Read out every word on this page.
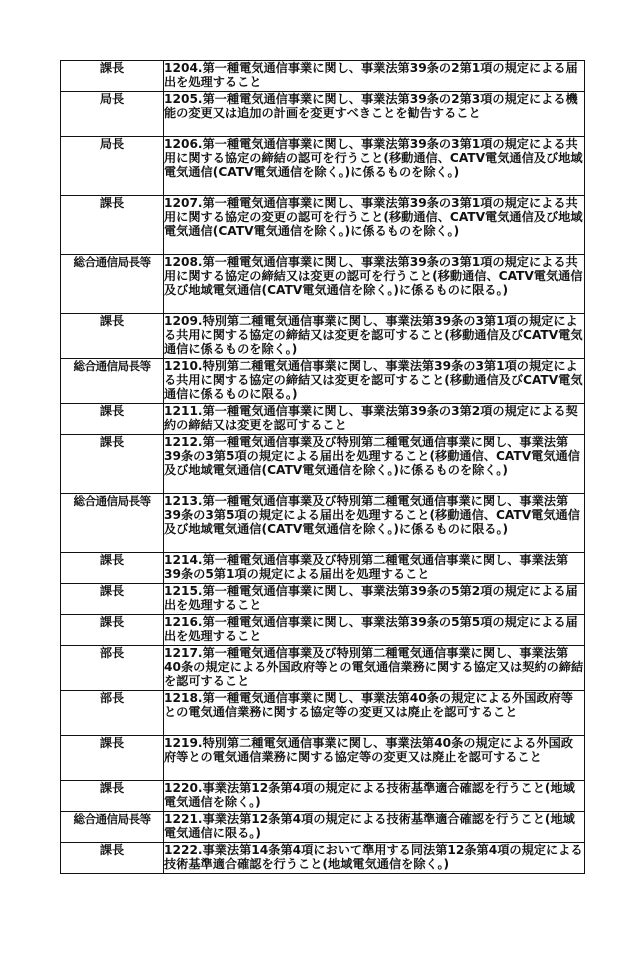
課長	1204.第一種電気通信事業に関し、事業法第39条の2第1項の規定による届出を処理すること
局長	1205.第一種電気通信事業に関し、事業法第39条の2第3項の規定による機能の変更又は追加の計画を変更すべきことを勧告すること
局長	1206.第一種電気通信事業に関し、事業法第39条の3第1項の規定による共用に関する協定の締結の認可を行うこと(移動通信、CATV電気通信及び地域電気通信(CATV電気通信を除く。)に係るものを除く。)
課長	1207.第一種電気通信事業に関し、事業法第39条の3第1項の規定による共用に関する協定の変更の認可を行うこと(移動通信、CATV電気通信及び地域電気通信(CATV電気通信を除く。)に係るものを除く。)
総合通信局長等	1208.第一種電気通信事業に関し、事業法第39条の3第1項の規定による共用に関する協定の締結又は変更の認可を行うこと(移動通信、CATV電気通信及び地域電気通信(CATV電気通信を除く。)に係るものに限る。)
課長	1209.特別第二種電気通信事業に関し、事業法第39条の3第1項の規定による共用に関する協定の締結又は変更を認可すること(移動通信及びCATV電気通信に係るものを除く。)
総合通信局長等	1210.特別第二種電気通信事業に関し、事業法第39条の3第1項の規定による共用に関する協定の締結又は変更を認可すること(移動通信及びCATV電気通信に係るものに限る。)
課長	1211.第一種電気通信事業に関し、事業法第39条の3第2項の規定による契約の締結又は変更を認可すること
課長	1212.第一種電気通信事業及び特別第二種電気通信事業に関し、事業法第39条の3第5項の規定による届出を処理すること(移動通信、CATV電気通信及び地域電気通信(CATV電気通信を除く。)に係るものを除く。)
総合通信局長等	1213.第一種電気通信事業及び特別第二種電気通信事業に関し、事業法第39条の3第5項の規定による届出を処理すること(移動通信、CATV電気通信及び地域電気通信(CATV電気通信を除く。)に係るものに限る。)
課長	1214.第一種電気通信事業及び特別第二種電気通信事業に関し、事業法第39条の5第1項の規定による届出を処理すること
課長	1215.第一種電気通信事業に関し、事業法第39条の5第2項の規定による届出を処理すること
課長	1216.第一種電気通信事業に関し、事業法第39条の5第5項の規定による届出を処理すること
部長	1217.第一種電気通信事業及び特別第二種電気通信事業に関し、事業法第40条の規定による外国政府等との電気通信業務に関する協定又は契約の締結を認可すること
部長	1218.第一種電気通信事業に関し、事業法第40条の規定による外国政府等との電気通信業務に関する協定等の変更又は廃止を認可すること
課長	1219.特別第二種電気通信事業に関し、事業法第40条の規定による外国政府等との電気通信業務に関する協定等の変更又は廃止を認可すること
課長	1220.事業法第12条第4項の規定による技術基準適合確認を行うこと(地域電気通信を除く。)
総合通信局長等	1221.事業法第12条第4項の規定による技術基準適合確認を行うこと(地域電気通信に限る。)
課長	1222.事業法第14条第4項において準用する同法第12条第4項の規定による技術基準適合確認を行うこと(地域電気通信を除く。)
